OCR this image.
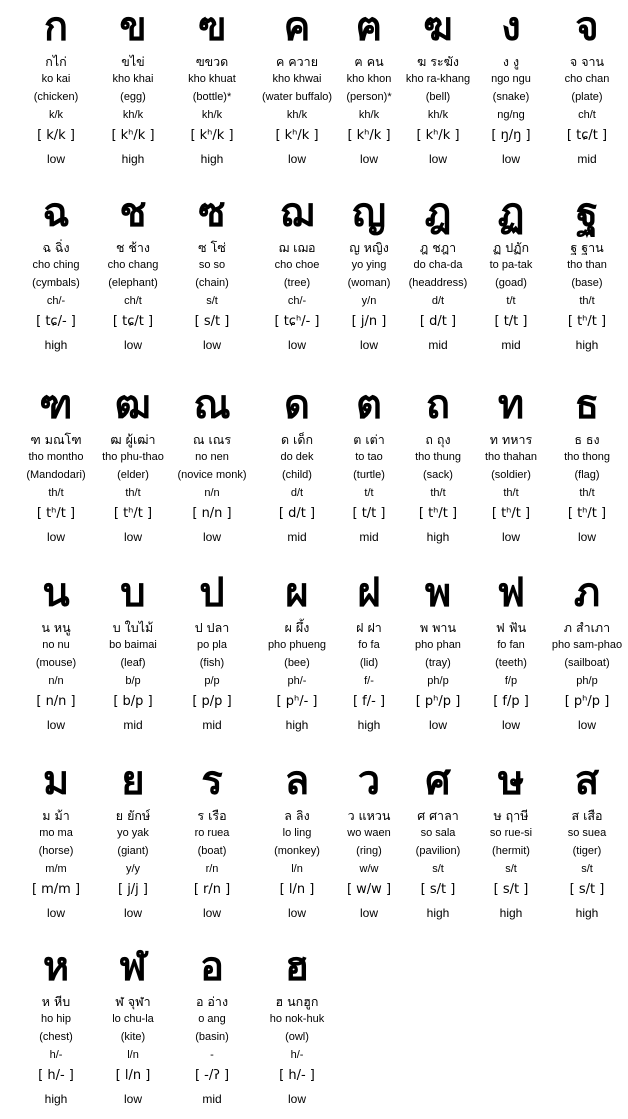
ก
กไก่
ko kai
(chicken)
k/k
[ k/k ]
low
ข
ขไข่
kho khai
(egg)
kh/k
[ kʰ/k ]
high
ฃ
ฃขวด
kho khuat
(bottle)*
kh/k
[ kʰ/k ]
high
ค
ค ควาย
kho khwai
(water buffalo)
kh/k
[ kʰ/k ]
low
ฅ
ฅ คน
kho khon
(person)*
kh/k
[ kʰ/k ]
low
ฆ
ฆ ระฆัง
kho ra-khang
(bell)
kh/k
[ kʰ/k ]
low
ง
ง งู
ngo ngu
(snake)
ng/ng
[ ŋ/ŋ ]
low
จ
จ จาน
cho chan
(plate)
ch/t
[ tɕ/t ]
mid
ฉ
ฉ ฉิ่ง
cho ching
(cymbals)
ch/-
[ tɕ/- ]
high
ช
ช ช้าง
cho chang
(elephant)
ch/t
[ tɕ/t ]
low
ซ
ซ โซ่
so so
(chain)
s/t
[ s/t ]
low
ฌ
ฌ เฌอ
cho choe
(tree)
ch/-
[ tɕʰ/- ]
low
ญ
ญ หญิง
yo ying
(woman)
y/n
[ j/n ]
low
ฎ
ฎ ชฎา
do cha-da
(headdress)
d/t
[ d/t ]
mid
ฏ
ฏ ปฏัก
to pa-tak
(goad)
t/t
[ t/t ]
mid
ฐ
ฐ ฐาน
tho than
(base)
th/t
[ tʰ/t ]
high
ฑ
ฑ มณโฑ
tho montho
(Mandodari)
th/t
[ tʰ/t ]
low
ฒ
ฒ ผู้เฒ่า
tho phu-thao
(elder)
th/t
[ tʰ/t ]
low
ณ
ณ เณร
no nen
(novice monk)
n/n
[ n/n ]
low
ด
ด เด็ก
do dek
(child)
d/t
[ d/t ]
mid
ต
ต เต่า
to tao
(turtle)
t/t
[ t/t ]
mid
ถ
ถ ถุง
tho thung
(sack)
th/t
[ tʰ/t ]
high
ท
ท ทหาร
tho thahan
(soldier)
th/t
[ tʰ/t ]
low
ธ
ธ ธง
tho thong
(flag)
th/t
[ tʰ/t ]
low
น
น หนู
no nu
(mouse)
n/n
[ n/n ]
low
บ
บ ใบไม้
bo baimai
(leaf)
b/p
[ b/p ]
mid
ป
ป ปลา
po pla
(fish)
p/p
[ p/p ]
mid
ผ
ผ ผึ้ง
pho phueng
(bee)
ph/-
[ pʰ/- ]
high
ฝ
ฝ ฝา
fo fa
(lid)
f/-
[ f/- ]
high
พ
พ พาน
pho phan
(tray)
ph/p
[ pʰ/p ]
low
ฟ
ฟ ฟัน
fo fan
(teeth)
f/p
[ f/p ]
low
ภ
ภ สำเภา
pho sam-phao
(sailboat)
ph/p
[ pʰ/p ]
low
ม
ม ม้า
mo ma
(horse)
m/m
[ m/m ]
low
ย
ย ยักษ์
yo yak
(giant)
y/y
[ j/j ]
low
ร
ร เรือ
ro ruea
(boat)
r/n
[ r/n ]
low
ล
ล ลิง
lo ling
(monkey)
l/n
[ l/n ]
low
ว
ว แหวน
wo waen
(ring)
w/w
[ w/w ]
low
ศ
ศ ศาลา
so sala
(pavilion)
s/t
[ s/t ]
high
ษ
ษ ฤาษี
so rue-si
(hermit)
s/t
[ s/t ]
high
ส
ส เสือ
so suea
(tiger)
s/t
[ s/t ]
high
ห
ห หีบ
ho hip
(chest)
h/-
[ h/- ]
high
ฬ
ฬ จุฬา
lo chu-la
(kite)
l/n
[ l/n ]
low
อ
อ อ่าง
o ang
(basin)
-
[ -/ʔ ]
mid
ฮ
ฮ นกฮูก
ho nok-huk
(owl)
h/-
[ h/- ]
low
